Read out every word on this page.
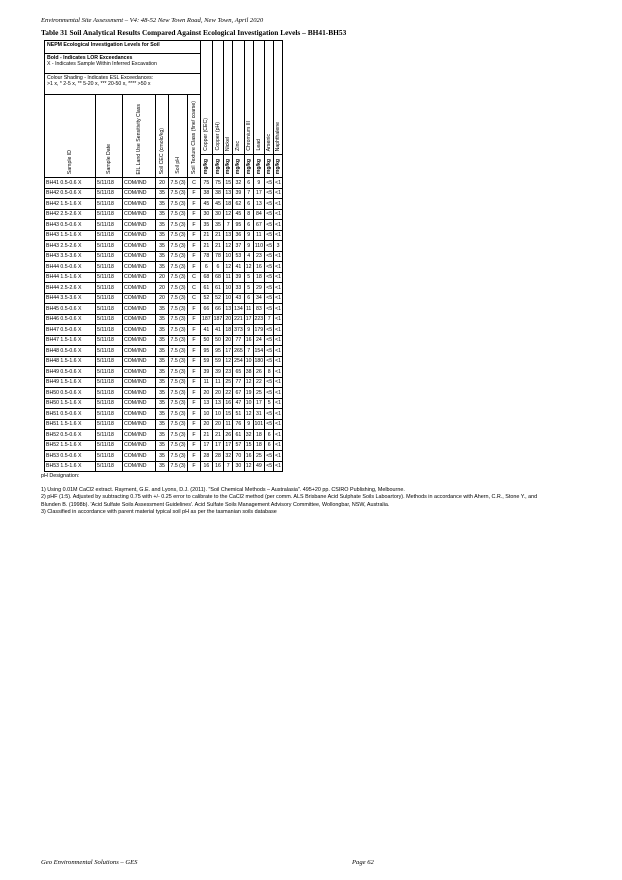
Environmental Site Assessment – V4: 48-52 New Town Road, New Town, April 2020
Table 31 Soil Analytical Results Compared Against Ecological Investigation Levels – BH41-BH53
NEPM Ecological Investigation Levels for Soil						Copper (CEC)	Copper (pH)	Nickel	Zinc	Chromium III	Lead	Arsenic	Naphthalene

Bold - Indicates LOR Exceedances
X - Indicates Sample Within Inferred Excavation													

Colour Shading - Indicates ESL Exceedances:
>1 x, * 2-5 x, ** 5-20 x, *** 20-50 x, **** >50 x													

Sample ID	Sample Date	EIL Land Use Sensitivity Class	Soil CEC (cmolc/kg)	Soil pH	Soil Texture Class (fine/ coarse)								
						mg/kg	mg/kg	mg/kg	mg/kg	mg/kg	mg/kg	mg/kg	mg/kg
BH41 0.5-0.6 X	5/11/18	COM/IND	20	7.5 (3)	C	75	75	15	32	6	9	<5	<1
BH42 0.5-0.6 X	5/11/18	COM/IND	35	7.5 (3)	F	38	38	13	39	7	17	<5	<1
BH42 1.5-1.6 X	5/11/18	COM/IND	35	7.5 (3)	F	45	45	18	62	6	13	<5	<1
BH42 2.5-2.6 X	5/11/18	COM/IND	35	7.5 (3)	F	30	30	12	45	8	84	<5	<1
BH43 0.5-0.6 X	5/11/18	COM/IND	35	7.5 (3)	F	35	35	7	95	6	67	<5	<1
BH43 1.5-1.6 X	5/11/18	COM/IND	35	7.5 (3)	F	21	21	13	36	9	11	<5	<1
BH43 2.5-2.6 X	5/11/18	COM/IND	35	7.5 (3)	F	21	21	12	37	9	110	<5	3
BH43 3.5-3.6 X	5/11/18	COM/IND	35	7.5 (3)	F	78	78	10	53	4	23	<5	<1
BH44 0.5-0.6 X	5/11/18	COM/IND	35	7.5 (3)	F	6	6	12	41	12	16	<5	<1
BH44 1.5-1.6 X	5/11/18	COM/IND	20	7.5 (3)	C	68	68	11	39	5	18	<5	<1
BH44 2.5-2.6 X	5/11/18	COM/IND	20	7.5 (3)	C	61	61	10	33	5	29	<5	<1
BH44 3.5-3.6 X	5/11/18	COM/IND	20	7.5 (3)	C	52	52	10	43	6	34	<5	<1
BH45 0.5-0.6 X	5/11/18	COM/IND	35	7.5 (3)	F	66	66	13	134	11	83	<5	<1
BH46 0.5-0.6 X	5/11/18	COM/IND	35	7.5 (3)	F	187	187	20	221	17	223	7	<1
BH47 0.5-0.6 X	5/11/18	COM/IND	35	7.5 (3)	F	41	41	18	373	9	179	<5	<1
BH47 1.5-1.6 X	5/11/18	COM/IND	35	7.5 (3)	F	50	50	20	77	16	24	<5	<1
BH48 0.5-0.6 X	5/11/18	COM/IND	35	7.5 (3)	F	95	95	17	265	7	154	<5	<1
BH48 1.5-1.6 X	5/11/18	COM/IND	35	7.5 (3)	F	59	59	12	254	10	180	<5	<1
BH49 0.5-0.6 X	5/11/18	COM/IND	35	7.5 (3)	F	39	39	23	65	38	26	8	<1
BH49 1.5-1.6 X	5/11/18	COM/IND	35	7.5 (3)	F	11	11	25	77	12	22	<5	<1
BH50 0.5-0.6 X	5/11/18	COM/IND	35	7.5 (3)	F	20	20	22	67	19	25	<5	<1
BH50 1.5-1.6 X	5/11/18	COM/IND	35	7.5 (3)	F	13	13	16	47	10	17	5	<1
BH51 0.5-0.6 X	5/11/18	COM/IND	35	7.5 (3)	F	10	10	15	51	12	31	<5	<1
BH51 1.5-1.6 X	5/11/18	COM/IND	35	7.5 (3)	F	20	20	11	76	9	101	<5	<1
BH52 0.5-0.6 X	5/11/18	COM/IND	35	7.5 (3)	F	21	21	26	61	32	18	6	<1
BH52 1.5-1.6 X	5/11/18	COM/IND	35	7.5 (3)	F	17	17	17	57	15	18	6	<1
BH53 0.5-0.6 X	5/11/18	COM/IND	35	7.5 (3)	F	28	28	32	70	16	25	<5	<1
BH53 1.5-1.6 X	5/11/18	COM/IND	35	7.5 (3)	F	16	16	7	30	12	49	<5	<1

pH Designation:

1) Using 0.01M CaCl2 extract. Rayment, G.E. and Lyons, D.J. (2011). "Soil Chemical Methods – Australasia". 495+20 pp. CSIRO Publishing, Melbourne.

2) pHF (1:5). Adjusted by subtracting 0.75 with +/- 0.25 error to calibrate to the CaCl2 method (per comm. ALS Brisbane Acid Sulphate Soils Laboartory). Methods in accordance with Ahern, C.R., Stone Y., and Blunden B. (1998b). 'Acid Sulfate Soils Assessment Guidelines'. Acid Sulfate Soils Management Advisory Committee, Wollongbar, NSW, Australia.

3) Classified in accordance with parent material typical soil pH as per the tasmanian soils database

Geo Environmental Solutions – GES	Page 62
